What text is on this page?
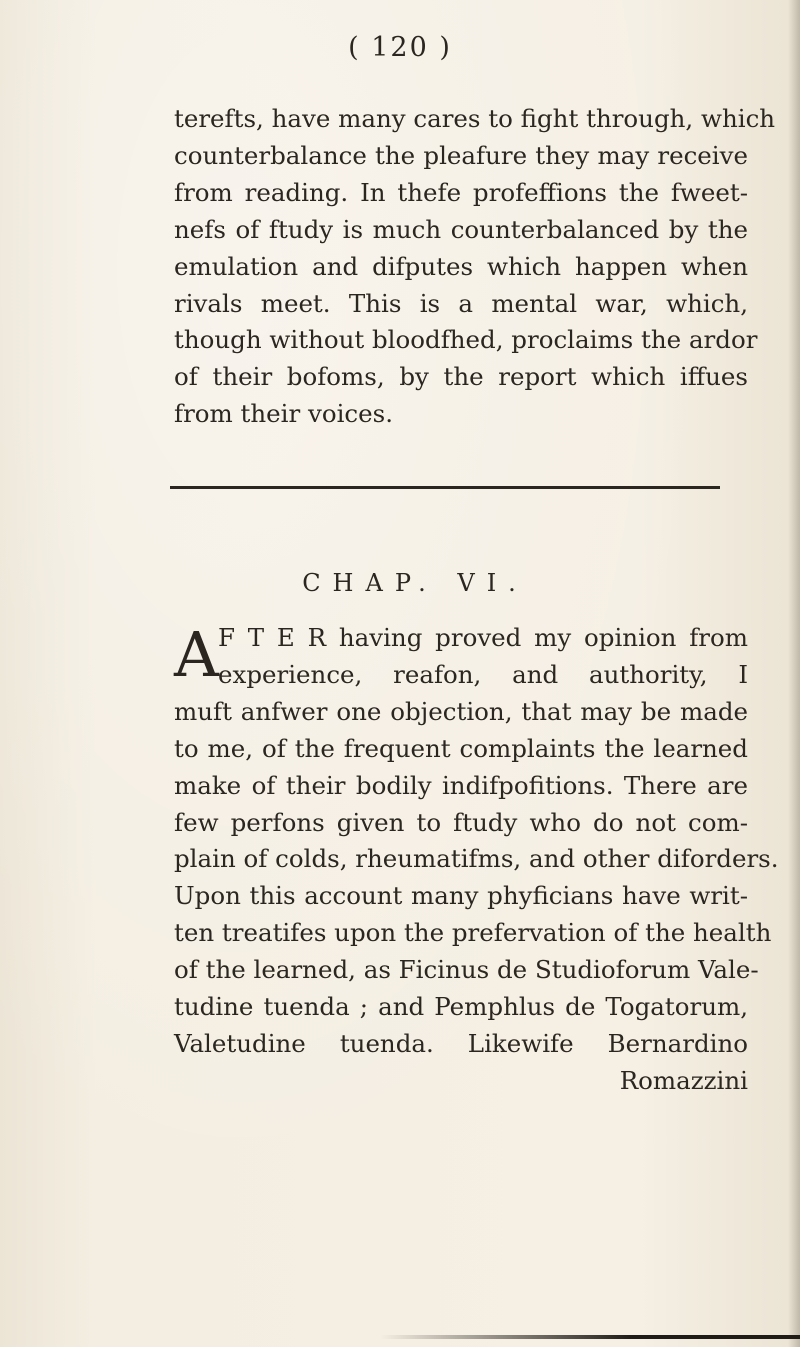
( 120 )
terefts, have many cares to fight through, which
counterbalance the pleafure they may receive
from reading. In thefe profeffions the fweet-
nefs of ftudy is much counterbalanced by the
emulation and difputes which happen when
rivals meet. This is a mental war, which,
though without bloodfhed, proclaims the ardor
of their bofoms, by the report which iffues
from their voices.
CHAP. VI.
A F T E R having proved my opinion from
experience, reafon, and authority, I
muft anfwer one objection, that may be made
to me, of the frequent complaints the learned
make of their bodily indifpofitions. There are
few perfons given to ftudy who do not com-
plain of colds, rheumatifms, and other diforders.
Upon this account many phyficians have writ-
ten treatifes upon the prefervation of the health
of the learned, as Ficinus de Studioforum Vale-
tudine tuenda ; and Pemphlus de Togatorum,
Valetudine tuenda. Likewife Bernardino
Romazzini
